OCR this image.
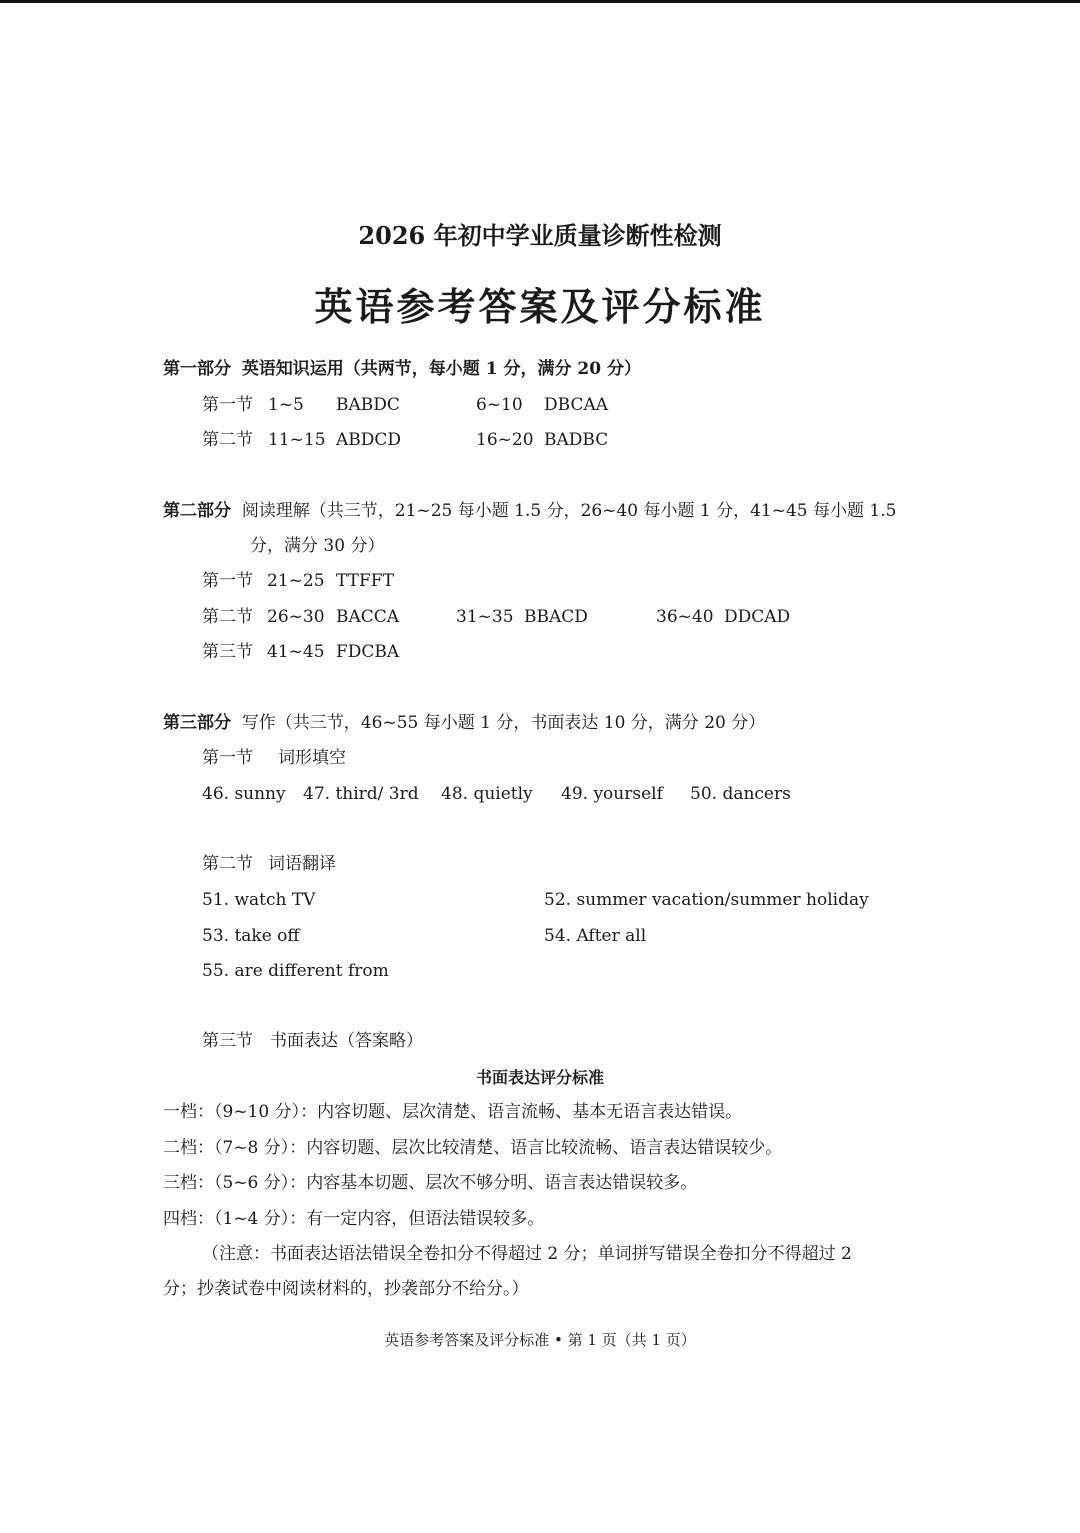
2026 年初中学业质量诊断性检测
英语参考答案及评分标准
第一部分 英语知识运用（共两节，每小题 1 分，满分 20 分）
第一节 1~5 BABDC	6~10 DBCAA
第二节 11~15 ABDCD	16~20 BADBC
第二部分 阅读理解（共三节，21~25 每小题 1.5 分，26~40 每小题 1 分，41~45 每小题 1.5
分，满分 30 分）
第一节 21~25 TTFFT
第二节 26~30 BACCA	31~35 BBACD	36~40 DDCAD
第三节 41~45 FDCBA
第三部分 写作（共三节，46~55 每小题 1 分，书面表达 10 分，满分 20 分）
第一节 词形填空
46. sunny 47. third/ 3rd 48. quietly 49. yourself 50. dancers
第二节 词语翻译
51. watch TV	52. summer vacation/summer holiday
53. take off	54. After all
55. are different from
第三节 书面表达（答案略）
书面表达评分标准
一档：（9~10 分）：内容切题、层次清楚、语言流畅、基本无语言表达错误。
二档：（7~8 分）：内容切题、层次比较清楚、语言比较流畅、语言表达错误较少。
三档：（5~6 分）：内容基本切题、层次不够分明、语言表达错误较多。
四档：（1~4 分）：有一定内容，但语法错误较多。
（注意：书面表达语法错误全卷扣分不得超过 2 分；单词拼写错误全卷扣分不得超过 2
分；抄袭试卷中阅读材料的，抄袭部分不给分。）
英语参考答案及评分标准 • 第 1 页（共 1 页）
